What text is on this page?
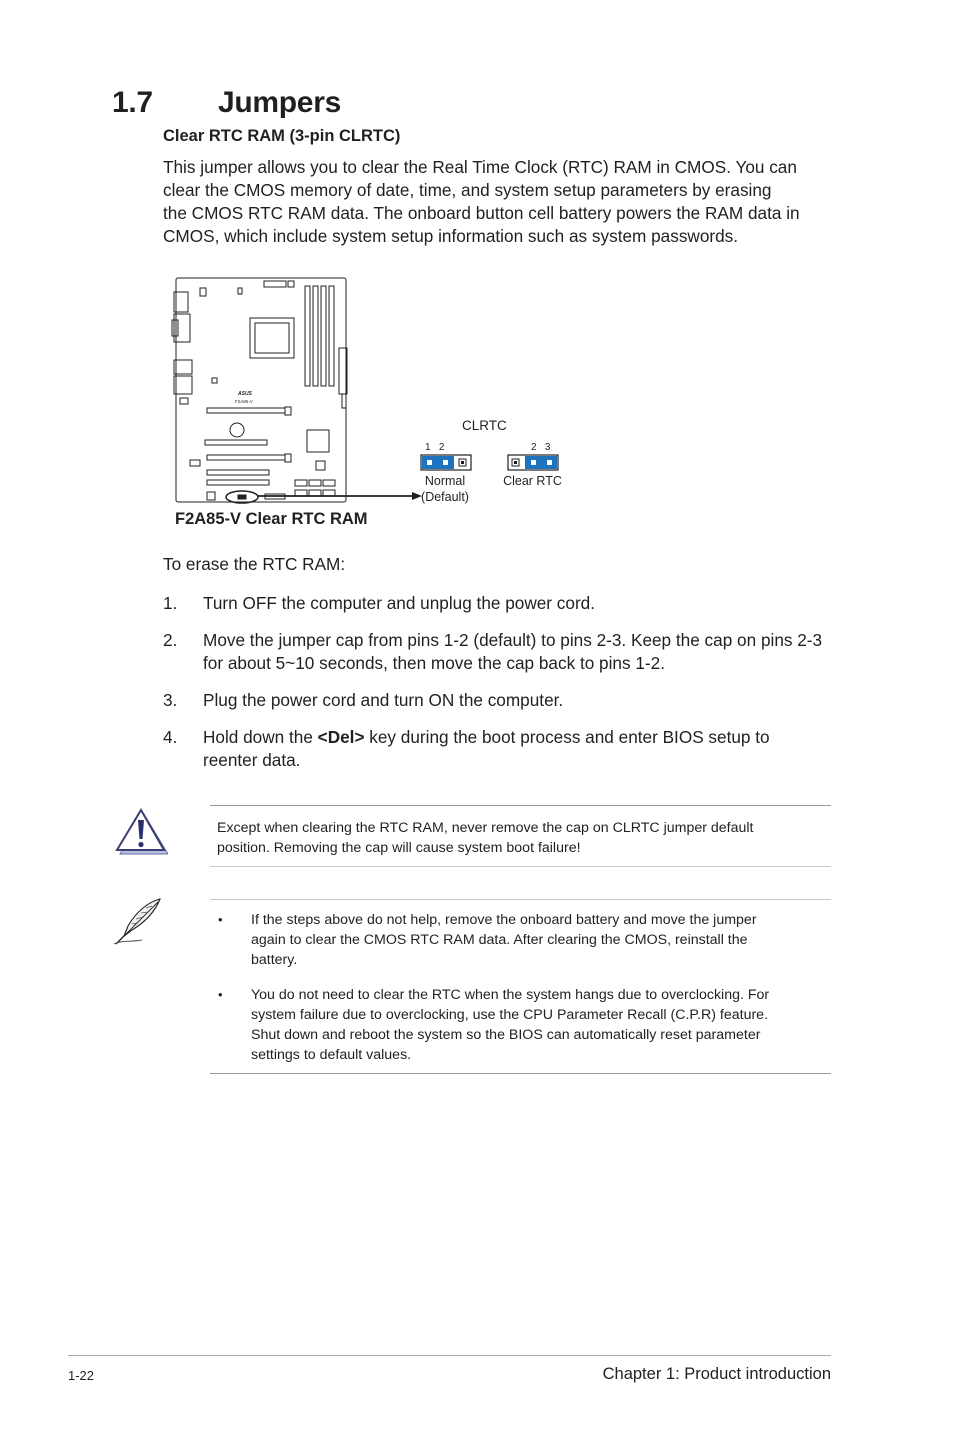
1.7 Jumpers
Clear RTC RAM (3-pin CLRTC)
This jumper allows you to clear the Real Time Clock (RTC) RAM in CMOS. You can
clear the CMOS memory of date, time, and system setup parameters by erasing
the CMOS RTC RAM data. The onboard button cell battery powers the RAM data in
CMOS, which include system setup information such as system passwords.
ASUS
F2A85-V
CLRTC
1   2	2   3
Normal
(Default)
Clear RTC
F2A85-V Clear RTC RAM
To erase the RTC RAM:
1. Turn OFF the computer and unplug the power cord.
2. Move the jumper cap from pins 1-2 (default) to pins 2-3. Keep the cap on pins 2-3
for about 5~10 seconds, then move the cap back to pins 1-2.
3. Plug the power cord and turn ON the computer.
4. Hold down the <Del> key during the boot process and enter BIOS setup to
reenter data.
Except when clearing the RTC RAM, never remove the cap on CLRTC jumper default
position. Removing the cap will cause system boot failure!
• If the steps above do not help, remove the onboard battery and move the jumper
again to clear the CMOS RTC RAM data. After clearing the CMOS, reinstall the
battery.
• You do not need to clear the RTC when the system hangs due to overclocking. For
system failure due to overclocking, use the CPU Parameter Recall (C.P.R) feature.
Shut down and reboot the system so the BIOS can automatically reset parameter
settings to default values.
1-22	Chapter 1: Product introduction
